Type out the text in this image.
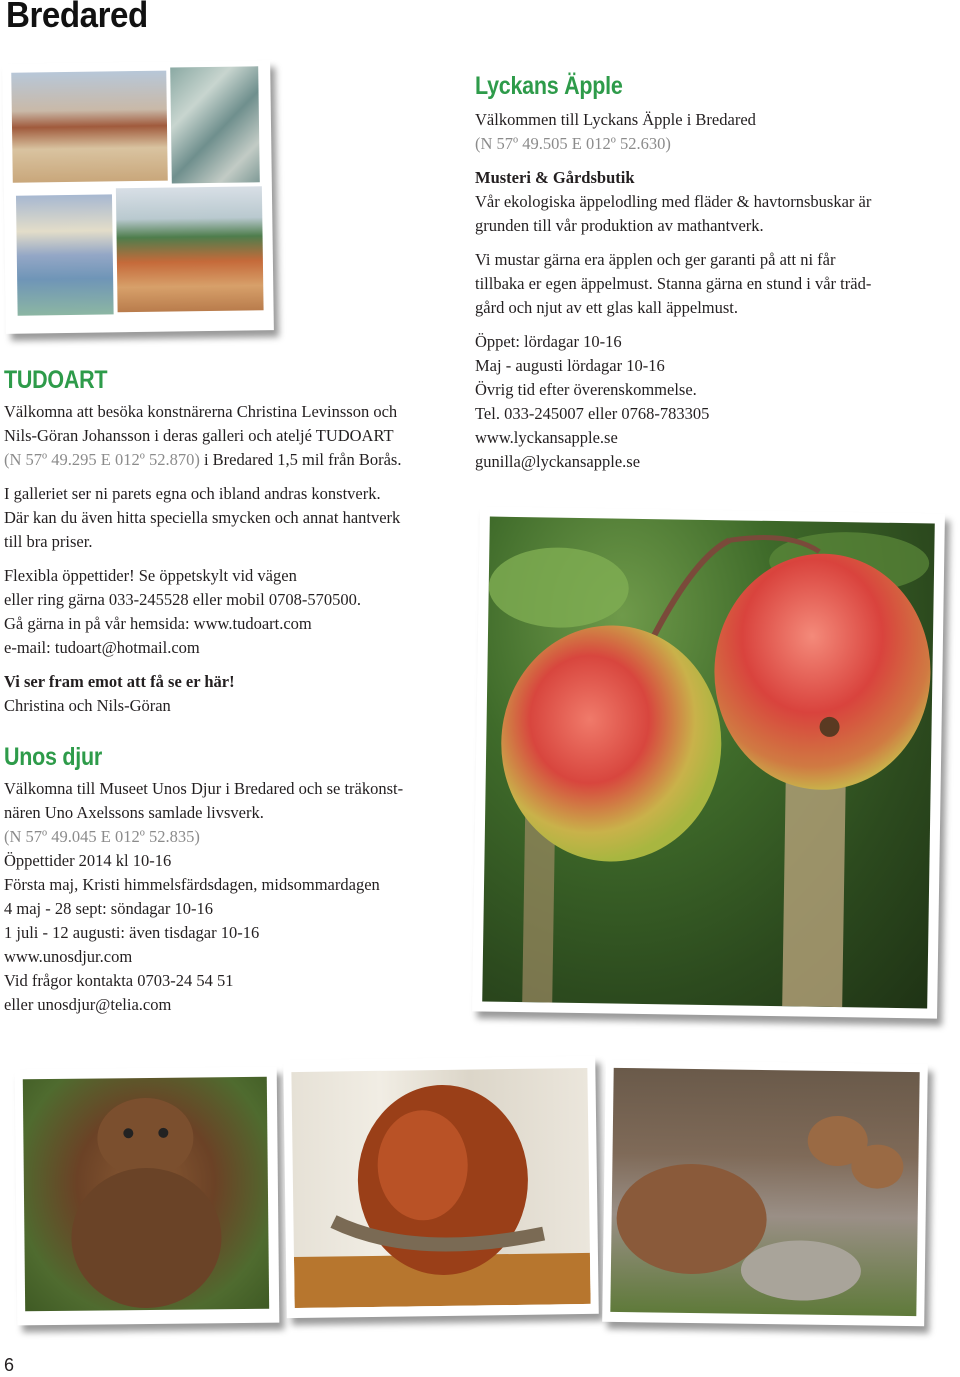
Bredared
TUDOART

Välkomna att besöka konstnärerna Christina Levinsson och
Nils-Göran Johansson i deras galleri och ateljé TUDOART
(N 57º 49.295 E 012º 52.870) i Bredared 1,5 mil från Borås.

I galleriet ser ni parets egna och ibland andras konstverk.
Där kan du även hitta speciella smycken och annat hantverk
till bra priser.

Flexibla öppettider! Se öppetskylt vid vägen
eller ring gärna 033-245528 eller mobil 0708-570500.
Gå gärna in på vår hemsida: www.tudoart.com
e-mail: tudoart@hotmail.com

Vi ser fram emot att få se er här!
Christina och Nils-Göran

Unos djur

Välkomna till Museet Unos Djur i Bredared och se träkonst-
nären Uno Axelssons samlade livsverk.
(N 57º 49.045 E 012º 52.835)
Öppettider 2014 kl 10-16
Första maj, Kristi himmelsfärdsdagen, midsommardagen
4 maj - 28 sept: söndagar 10-16
1 juli - 12 augusti: även tisdagar 10-16
www.unosdjur.com
Vid frågor kontakta 0703-24 54 51
eller unosdjur@telia.com

Lyckans Äpple

Välkommen till Lyckans Äpple i Bredared
(N 57º 49.505 E 012º 52.630)

Musteri & Gårdsbutik
Vår ekologiska äppelodling med fläder & havtornsbuskar är
grunden till vår produktion av mathantverk.

Vi mustar gärna era äpplen och ger garanti på att ni får
tillbaka er egen äppelmust. Stanna gärna en stund i vår träd-
gård och njut av ett glas kall äppelmust.

Öppet: lördagar 10-16
Maj - augusti lördagar 10-16
Övrig tid efter överenskommelse.
Tel. 033-245007 eller 0768-783305
www.lyckansapple.se
gunilla@lyckansapple.se

6
